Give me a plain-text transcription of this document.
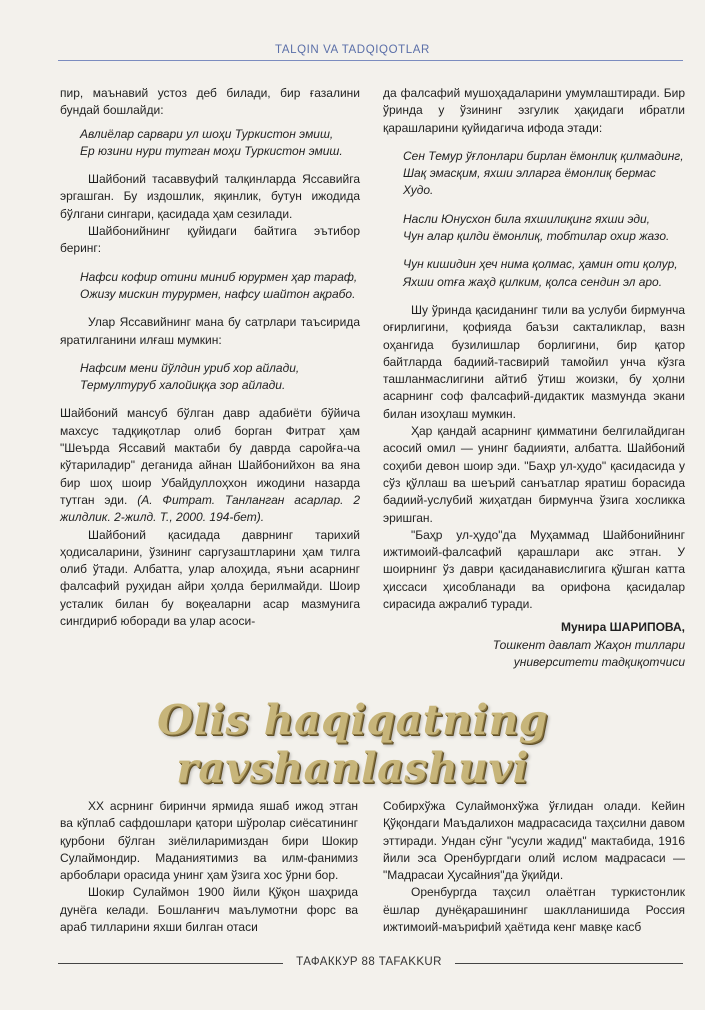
TALQIN VA TADQIQOTLAR

пир, маънавий устоз деб билади, бир ғазалини бундай бошлайди:

Авлиёлар сарвари ул шоҳи Туркистон эмиш,

Ер юзини нури тутган моҳи Туркистон эмиш.

Шайбоний тасаввуфий талқинларда Яссавийга эргашган. Бу издошлик, яқинлик, бутун ижодида бўлгани сингари, қасидада ҳам сезилади.

Шайбонийнинг қуйидаги байтига эътибор беринг:

Нафси кофир отини миниб юрурмен ҳар тараф,

Ожизу мискин турурмен, нафсу шайтон ақрабо.

Улар Яссавийнинг мана бу сатрлари таъсирида яратилганини илғаш мумкин:

Нафсим мени йўлдин уриб хор айлади,

Термултуруб халойиққа зор айлади.

Шайбоний мансуб бўлган давр адабиёти бўйича махсус тадқиқотлар олиб борган Фитрат ҳам "Шеърда Яссавий мактаби бу даврда саройға-ча кўтариладир" деганида айнан Шайбонийхон ва яна бир шоҳ шоир Убайдуллоҳхон ижодини назарда тутган эди. (А. Фитрат. Танланган асарлар. 2 жилдлик. 2-жилд. Т., 2000. 194-бет).

Шайбоний қасидада даврнинг тарихий ҳодисаларини, ўзининг саргузаштларини ҳам тилга олиб ўтади. Албатта, улар алоҳида, яъни асарнинг фалсафий руҳидан айри ҳолда берилмайди. Шоир усталик билан бу воқеаларни асар мазмунига сингдириб юборади ва улар асоси-

да фалсафий мушоҳадаларини умумлаштиради. Бир ўринда у ўзининг эзгулик ҳақидаги ибратли қарашларини қуйидагича ифода этади:

Сен Темур ўғлонлари бирлан ёмонлиқ қилмадинг,

Шақ эмасқим, яхши элларга ёмонлиқ бермас Худо.

Насли Юнусхон била яхшилиқинг яхши эди,

Чун алар қилди ёмонлиқ, тобтилар охир жазо.

Чун кишидин ҳеч нима қолмас, ҳамин оти қолур,

Яхши отға жаҳд қилким, қолса сендин эл аро.

Шу ўринда қасиданинг тили ва услуби бирмунча оғирлигини, қофияда баъзи сакталиклар, вазн оҳангида бузилишлар борлигини, бир қатор байтларда бадиий-тасвирий тамойил унча кўзга ташланмаслигини айтиб ўтиш жоизки, бу ҳолни асарнинг соф фалсафий-дидактик мазмунда экани билан изоҳлаш мумкин.

Ҳар қандай асарнинг қимматини белгилайдиган асосий омил — унинг бадиияти, албатта. Шайбоний соҳиби девон шоир эди. "Баҳр ул-ҳудо" қасидасида у сўз қўллаш ва шеърий санъатлар яратиш борасида бадиий-услубий жиҳатдан бирмунча ўзига хосликка эришган.

"Баҳр ул-ҳудо"да Муҳаммад Шайбонийнинг ижтимоий-фалсафий қарашлари акс этган. У шоирнинг ўз даври қасиданавислигига қўшган катта ҳиссаси ҳисобланади ва орифона қасидалар сирасида ажралиб туради.

Мунира ШАРИПОВА,

Тошкент давлат Жаҳон тиллари

университети тадқиқотчиси

Olis haqiqatning ravshanlashuvi

XX асрнинг биринчи ярмида яшаб ижод этган ва кўплаб сафдошлари қатори шўролар сиёсатининг қурбони бўлган зиёлиларимиздан бири Шокир Сулаймондир. Маданиятимиз ва илм-фанимиз арбоблари орасида унинг ҳам ўзига хос ўрни бор.

Шокир Сулаймон 1900 йили Қўқон шаҳрида дунёга келади. Бошланғич маълумотни форс ва араб тилларини яхши билган отаси

Собирхўжа Сулаймонхўжа ўғлидан олади. Кейин Қўқондаги Маъдалихон мадрасасида таҳсилни давом эттиради. Ундан сўнг "усули жадид" мактабида, 1916 йили эса Оренбургдаги олий ислом мадрасаси — "Мадрасаи Ҳусайния"да ўқийди.

Оренбургда таҳсил олаётган туркистонлик ёшлар дунёқарашининг шаклланишида Россия ижтимоий-маърифий ҳаётида кенг мавқе касб

ТАФАККУР 88 TAFAKKUR
